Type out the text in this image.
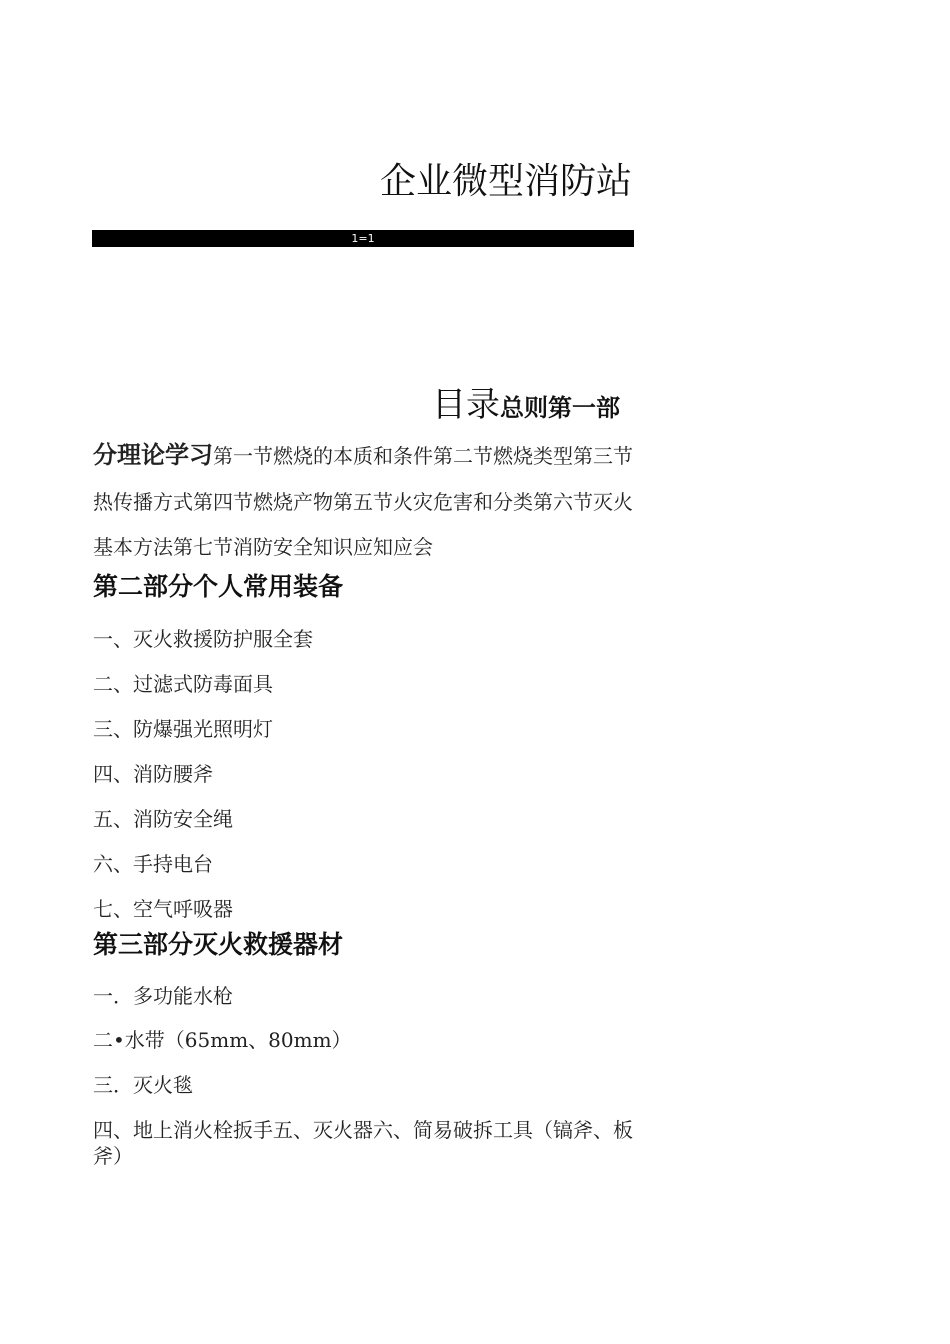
企业微型消防站
1=1
目录总则第一部
分理论学习第一节燃烧的本质和条件第二节燃烧类型第三节热传播方式第四节燃烧产物第五节火灾危害和分类第六节灭火基本方法第七节消防安全知识应知应会
第二部分个人常用装备
一、灭火救援防护服全套
二、过滤式防毒面具
三、防爆强光照明灯
四、消防腰斧
五、消防安全绳
六、手持电台
七、空气呼吸器
第三部分灭火救援器材
一．多功能水枪
二•水带（65mm、80mm）
三．灭火毯
四、地上消火栓扳手五、灭火器六、简易破拆工具（镐斧、板斧）
